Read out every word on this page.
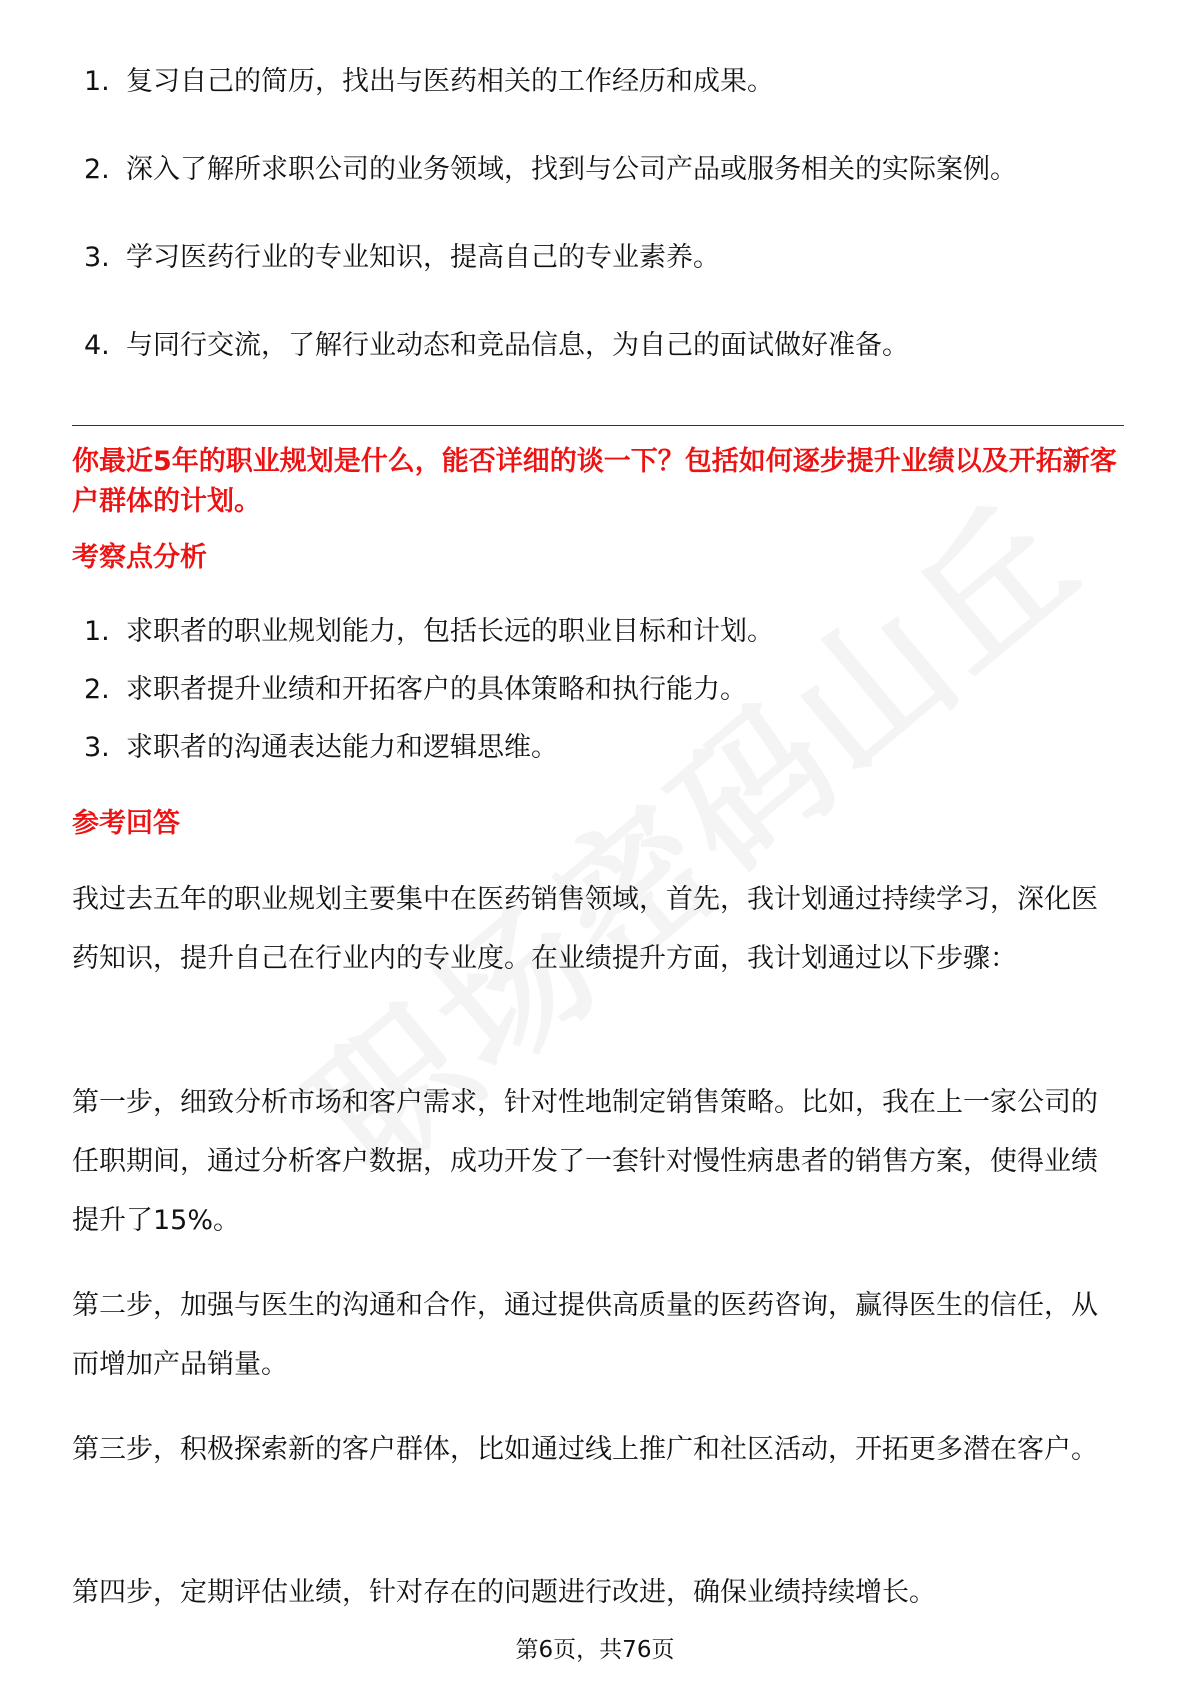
1. 复习自己的简历，找出与医药相关的工作经历和成果。
2. 深入了解所求职公司的业务领域，找到与公司产品或服务相关的实际案例。
3. 学习医药行业的专业知识，提高自己的专业素养。
4. 与同行交流，了解行业动态和竞品信息，为自己的面试做好准备。
你最近5年的职业规划是什么，能否详细的谈一下？包括如何逐步提升业绩以及开拓新客户群体的计划。
考察点分析
1. 求职者的职业规划能力，包括长远的职业目标和计划。
2. 求职者提升业绩和开拓客户的具体策略和执行能力。
3. 求职者的沟通表达能力和逻辑思维。
参考回答

我过去五年的职业规划主要集中在医药销售领域，首先，我计划通过持续学习，深化医药知识，提升自己在行业内的专业度。在业绩提升方面，我计划通过以下步骤：

第一步，细致分析市场和客户需求，针对性地制定销售策略。比如，我在上一家公司的任职期间，通过分析客户数据，成功开发了一套针对慢性病患者的销售方案，使得业绩提升了15%。

第二步，加强与医生的沟通和合作，通过提供高质量的医药咨询，赢得医生的信任，从而增加产品销量。

第三步，积极探索新的客户群体，比如通过线上推广和社区活动，开拓更多潜在客户。

第四步，定期评估业绩，针对存在的问题进行改进，确保业绩持续增长。

第6页，共76页
